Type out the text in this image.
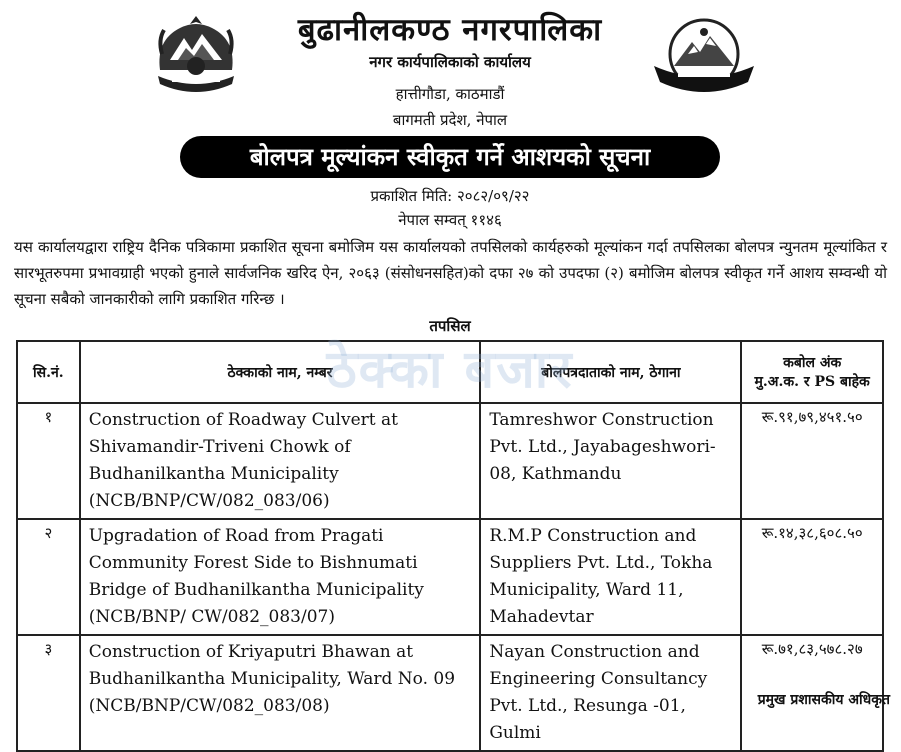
बुढानीलकण्ठ नगरपालिका
नगर कार्यपालिकाको कार्यालय
हात्तीगौडा, काठमाडौं
बागमती प्रदेश, नेपाल
बोलपत्र मूल्यांकन स्वीकृत गर्ने आशयको सूचना
प्रकाशित मिति: २०८२/०९/२२
नेपाल सम्वत् ११४६
यस कार्यालयद्वारा राष्ट्रिय दैनिक पत्रिकामा प्रकाशित सूचना बमोजिम यस कार्यालयको तपसिलको कार्यहरुको मूल्यांकन गर्दा तपसिलका बोलपत्र न्युनतम मूल्यांकित र सारभूतरुपमा प्रभावग्राही भएको हुनाले सार्वजनिक खरिद ऐन, २०६३ (संसोधनसहित)को दफा २७ को उपदफा (२) बमोजिम बोलपत्र स्वीकृत गर्ने आशय सम्वन्धी यो सूचना सबैको जानकारीको लागि प्रकाशित गरिन्छ ।
तपसिल
सि.नं.	ठेक्काको नाम, नम्बर	बोलपत्रदाताको नाम, ठेगाना	कबोल अंक
मु.अ.क. र PS बाहेक

१	Construction of Roadway Culvert at Shivamandir-Triveni Chowk of Budhanilkantha Municipality (NCB/BNP/CW/082_083/06)	Tamreshwor Construction Pvt. Ltd., Jayabageshwori-08, Kathmandu	रू.९१,७९,४५१.५०
२	Upgradation of Road from Pragati Community Forest Side to Bishnumati Bridge of Budhanilkantha Municipality (NCB/BNP/ CW/082_083/07)	R.M.P Construction and Suppliers Pvt. Ltd., Tokha Municipality, Ward 11, Mahadevtar	रू.१४,३८,६०८.५०
३	Construction of Kriyaputri Bhawan at Budhanilkantha Municipality, Ward No. 09 (NCB/BNP/CW/082_083/08)	Nayan Construction and Engineering Consultancy Pvt. Ltd., Resunga -01, Gulmi	रू.७१,८३,५७८.२७
ठेक्का बजार
प्रमुख प्रशासकीय अधिकृत
